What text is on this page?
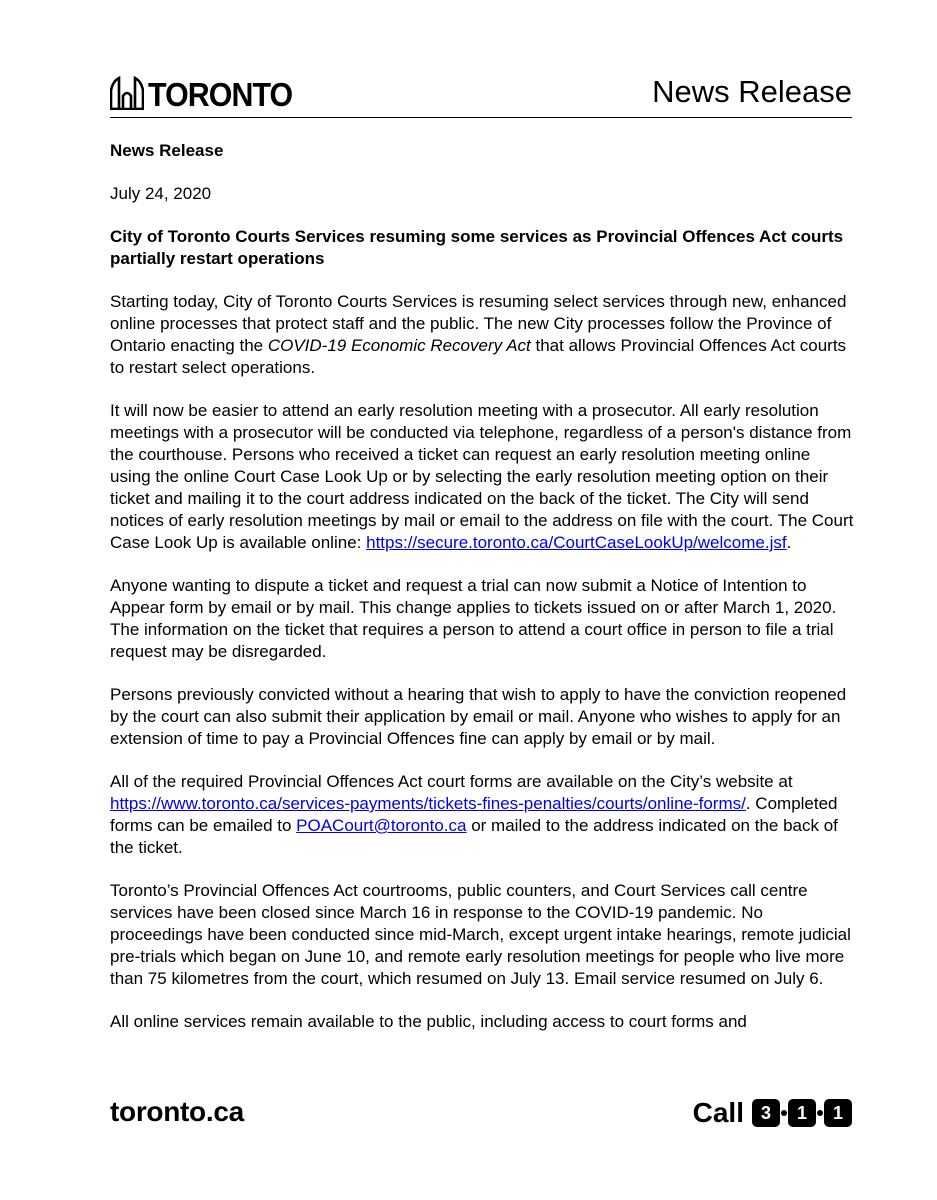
TORONTO	News Release

News Release

July 24, 2020

City of Toronto Courts Services resuming some services as Provincial Offences Act courts partially restart operations

Starting today, City of Toronto Courts Services is resuming select services through new, enhanced online processes that protect staff and the public. The new City processes follow the Province of Ontario enacting the COVID-19 Economic Recovery Act that allows Provincial Offences Act courts to restart select operations.

It will now be easier to attend an early resolution meeting with a prosecutor. All early resolution meetings with a prosecutor will be conducted via telephone, regardless of a person's distance from the courthouse. Persons who received a ticket can request an early resolution meeting online using the online Court Case Look Up or by selecting the early resolution meeting option on their ticket and mailing it to the court address indicated on the back of the ticket. The City will send notices of early resolution meetings by mail or email to the address on file with the court. The Court Case Look Up is available online: https://secure.toronto.ca/CourtCaseLookUp/welcome.jsf.

Anyone wanting to dispute a ticket and request a trial can now submit a Notice of Intention to Appear form by email or by mail. This change applies to tickets issued on or after March 1, 2020. The information on the ticket that requires a person to attend a court office in person to file a trial request may be disregarded.

Persons previously convicted without a hearing that wish to apply to have the conviction reopened by the court can also submit their application by email or mail. Anyone who wishes to apply for an extension of time to pay a Provincial Offences fine can apply by email or by mail.

All of the required Provincial Offences Act court forms are available on the City’s website at https://www.toronto.ca/services-payments/tickets-fines-penalties/courts/online-forms/. Completed forms can be emailed to POACourt@toronto.ca or mailed to the address indicated on the back of the ticket.

Toronto’s Provincial Offences Act courtrooms, public counters, and Court Services call centre services have been closed since March 16 in response to the COVID-19 pandemic. No proceedings have been conducted since mid-March, except urgent intake hearings, remote judicial pre-trials which began on June 10, and remote early resolution meetings for people who live more than 75 kilometres from the court, which resumed on July 13. Email service resumed on July 6.

All online services remain available to the public, including access to court forms and

toronto.ca	Call 3	1	1
